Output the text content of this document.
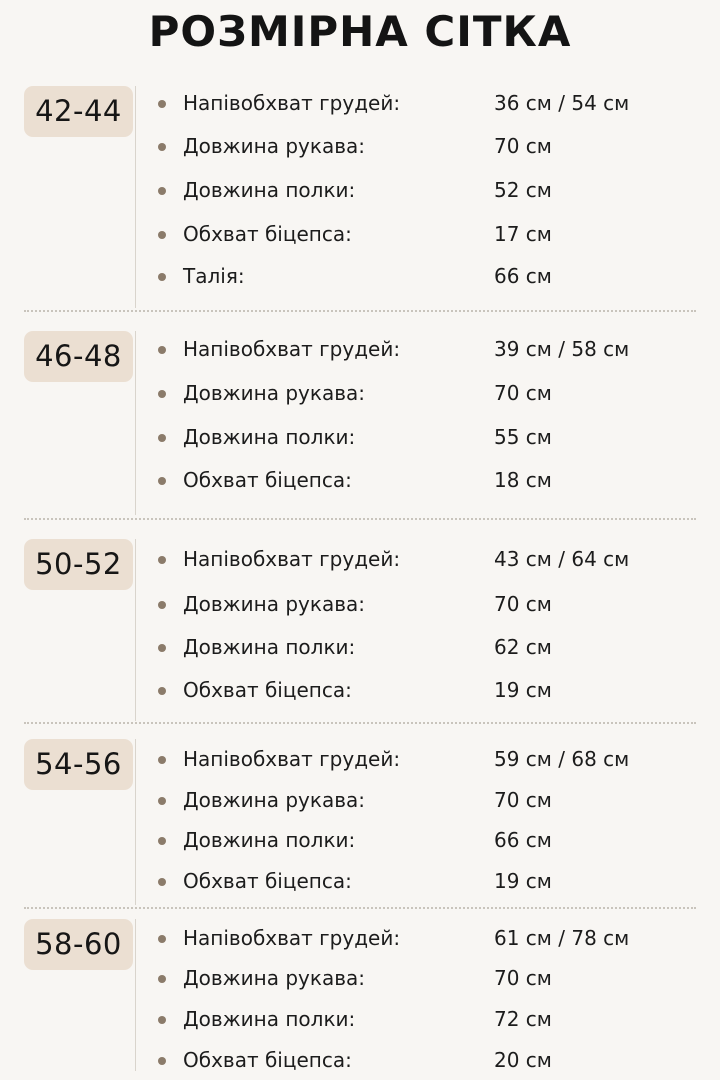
РОЗМІРНА СІТКА
42-44	Напівобхват грудей:	36 см / 54 см
Довжина рукава:	70 см
Довжина полки:	52 см
Обхват біцепса:	17 см
Талія:	66 см
46-48	Напівобхват грудей:	39 см / 58 см
Довжина рукава:	70 см
Довжина полки:	55 см
Обхват біцепса:	18 см
50-52	Напівобхват грудей:	43 см / 64 см
Довжина рукава:	70 см
Довжина полки:	62 см
Обхват біцепса:	19 см
54-56	Напівобхват грудей:	59 см / 68 см
Довжина рукава:	70 см
Довжина полки:	66 см
Обхват біцепса:	19 см
58-60	Напівобхват грудей:	61 см / 78 см
Довжина рукава:	70 см
Довжина полки:	72 см
Обхват біцепса:	20 см
